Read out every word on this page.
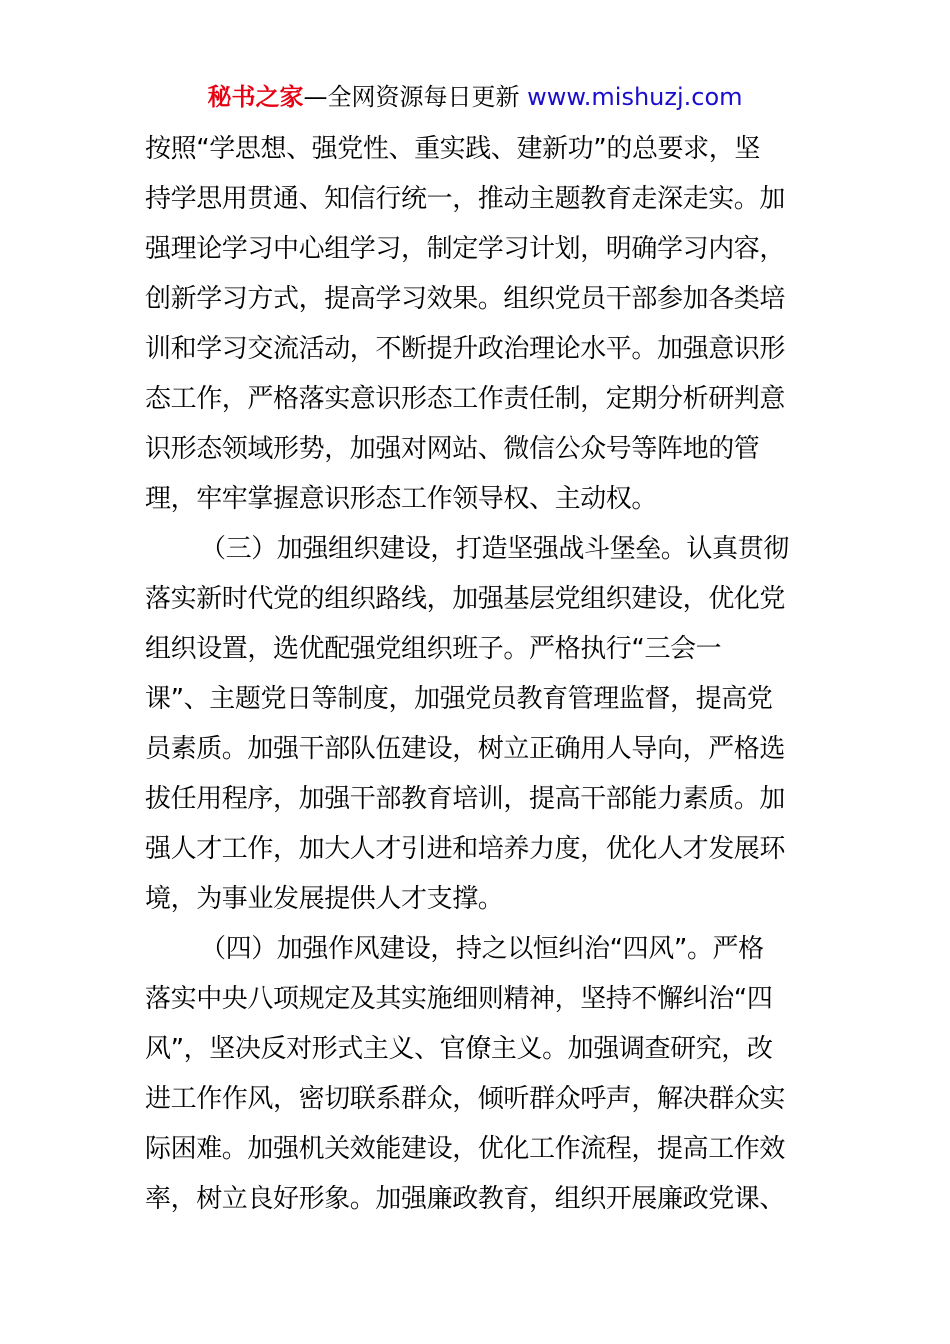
秘书之家—全网资源每日更新 www.mishuzj.com
按照“学思想、强党性、重实践、建新功”的总要求，坚
持学思用贯通、知信行统一，推动主题教育走深走实。加
强理论学习中心组学习，制定学习计划，明确学习内容，
创新学习方式，提高学习效果。组织党员干部参加各类培
训和学习交流活动，不断提升政治理论水平。加强意识形
态工作，严格落实意识形态工作责任制，定期分析研判意
识形态领域形势，加强对网站、微信公众号等阵地的管
理，牢牢掌握意识形态工作领导权、主动权。
（三）加强组织建设，打造坚强战斗堡垒。认真贯彻
落实新时代党的组织路线，加强基层党组织建设，优化党
组织设置，选优配强党组织班子。严格执行“三会一
课”、主题党日等制度，加强党员教育管理监督，提高党
员素质。加强干部队伍建设，树立正确用人导向，严格选
拔任用程序，加强干部教育培训，提高干部能力素质。加
强人才工作，加大人才引进和培养力度，优化人才发展环
境，为事业发展提供人才支撑。
（四）加强作风建设，持之以恒纠治“四风”。严格
落实中央八项规定及其实施细则精神，坚持不懈纠治“四
风”，坚决反对形式主义、官僚主义。加强调查研究，改
进工作作风，密切联系群众，倾听群众呼声，解决群众实
际困难。加强机关效能建设，优化工作流程，提高工作效
率，树立良好形象。加强廉政教育，组织开展廉政党课、
